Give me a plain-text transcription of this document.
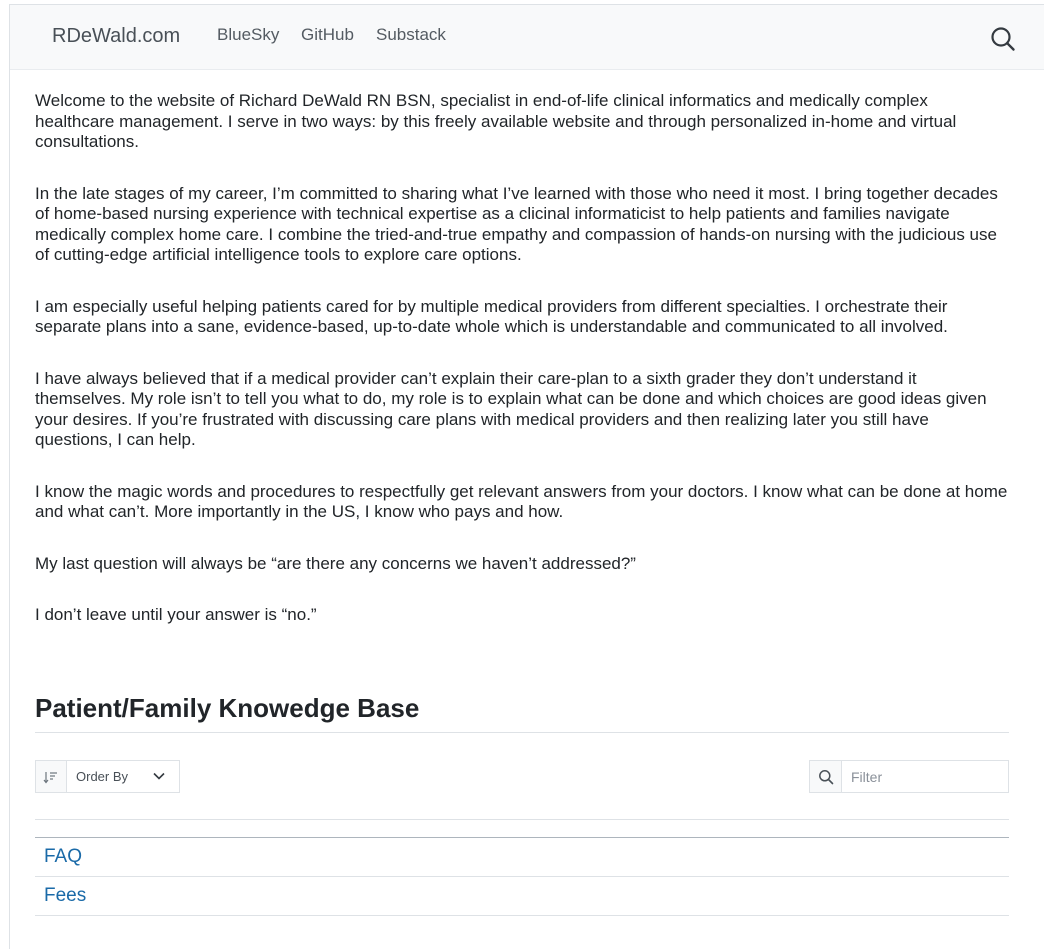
RDeWald.com BlueSky GitHub Substack

Welcome to the website of Richard DeWald RN BSN, specialist in end-of-life clinical informatics and medically complex healthcare management. I serve in two ways: by this freely available website and through personalized in-home and virtual consultations.

In the late stages of my career, I’m committed to sharing what I’ve learned with those who need it most. I bring together decades of home-based nursing experience with technical expertise as a clicinal informaticist to help patients and families navigate medically complex home care. I combine the tried-and-true empathy and compassion of hands-on nursing with the judicious use of cutting-edge artificial intelligence tools to explore care options.

I am especially useful helping patients cared for by multiple medical providers from different specialties. I orchestrate their separate plans into a sane, evidence-based, up-to-date whole which is understandable and communicated to all involved.

I have always believed that if a medical provider can’t explain their care-plan to a sixth grader they don’t understand it themselves. My role isn’t to tell you what to do, my role is to explain what can be done and which choices are good ideas given your desires. If you’re frustrated with discussing care plans with medical providers and then realizing later you still have questions, I can help.

I know the magic words and procedures to respectfully get relevant answers from your doctors. I know what can be done at home and what can’t. More importantly in the US, I know who pays and how.

My last question will always be “are there any concerns we haven’t addressed?”

I don’t leave until your answer is “no.”

Patient/Family Knowedge Base
Order By
Filter
FAQ
Fees
